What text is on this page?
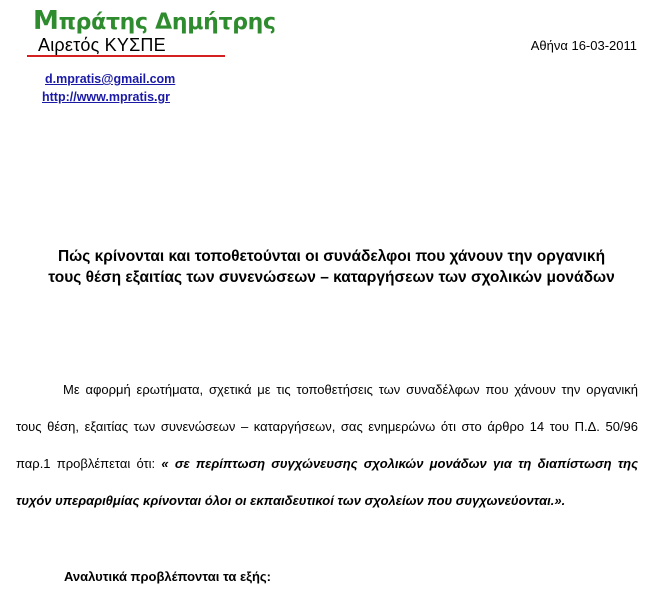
Μπράτης Δημήτρης
Αιρετός ΚΥΣΠΕ	Αθήνα 16-03-2011
d.mpratis@gmail.com
http://www.mpratis.gr
Πώς κρίνονται και τοποθετούνται οι συνάδελφοι που χάνουν την οργανική
τους θέση εξαιτίας των συνενώσεων – καταργήσεων των σχολικών μονάδων
Με αφορμή ερωτήματα, σχετικά με τις τοποθετήσεις των συναδέλφων που χάνουν την οργανική τους θέση, εξαιτίας των συνενώσεων – καταργήσεων, σας ενημερώνω ότι στο άρθρο 14 του Π.Δ. 50/96 παρ.1 προβλέπεται ότι: « σε περίπτωση συγχώνευσης σχολικών μονάδων για τη διαπίστωση της τυχόν υπεραριθμίας κρίνονται όλοι οι εκπαιδευτικοί των σχολείων που συγχωνεύονται.».
Αναλυτικά προβλέπονται τα εξής:
